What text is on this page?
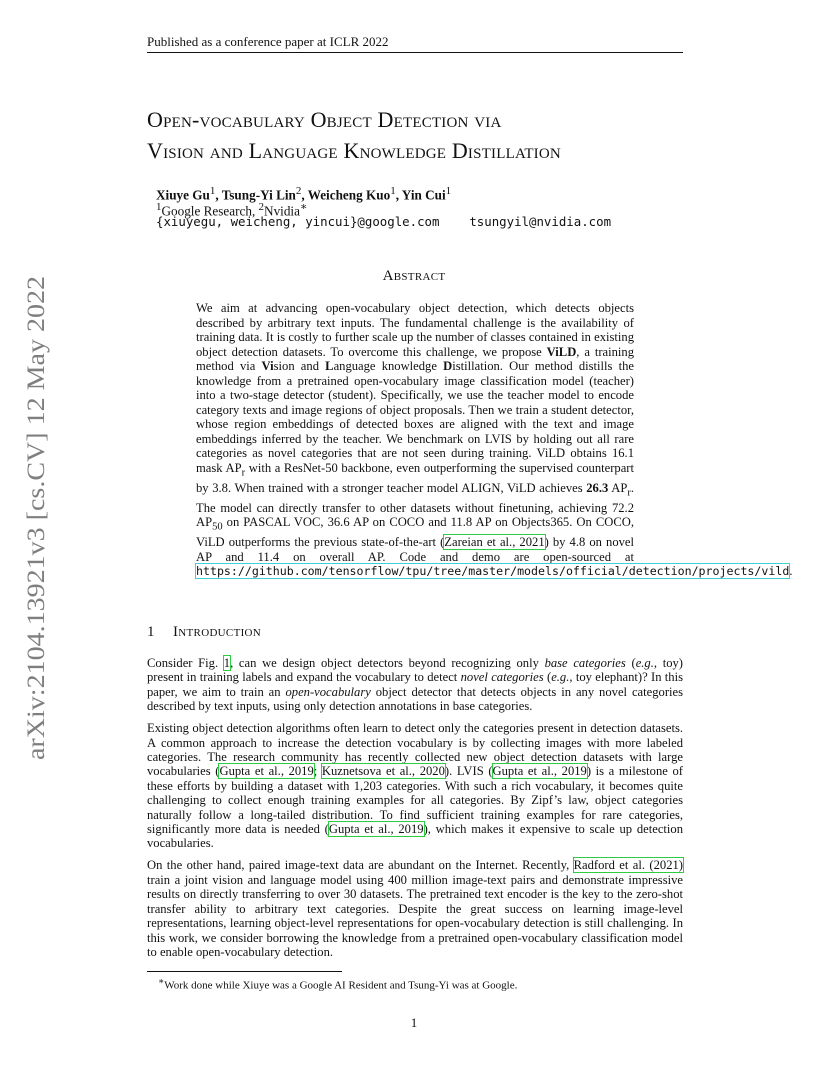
Published as a conference paper at ICLR 2022
Open-vocabulary Object Detection via
Vision and Language Knowledge Distillation
Xiuye Gu$^1$, Tsung-Yi Lin$^2$, Weicheng Kuo$^1$, Yin Cui$^1$
$^1$Google Research, $^2$Nvidia∗
{xiuyegu, weicheng, yincui}@google.com tsungyil@nvidia.com
Abstract

We aim at advancing open-vocabulary object detection, which detects objects described by arbitrary text inputs. The fundamental challenge is the availability of training data. It is costly to further scale up the number of classes contained in existing object detection datasets. To overcome this challenge, we propose ViLD, a training method via Vision and Language knowledge Distillation. Our method distills the knowledge from a pretrained open-vocabulary image classification model (teacher) into a two-stage detector (student). Specifically, we use the teacher model to encode category texts and image regions of object proposals. Then we train a student detector, whose region embeddings of detected boxes are aligned with the text and image embeddings inferred by the teacher. We benchmark on LVIS by holding out all rare categories as novel categories that are not seen during training. ViLD obtains 16.1 mask $AP_r$ with a ResNet-50 backbone, even outperforming the supervised counterpart by 3.8. When trained with a stronger teacher model ALIGN, ViLD achieves 26.3 $AP_r$. The model can directly transfer to other datasets without finetuning, achieving 72.2 $AP_{50}$ on PASCAL VOC, 36.6 AP on COCO and 11.8 AP on Objects365. On COCO, ViLD outperforms the previous state-of-the-art (Zareian et al., 2021) by 4.8 on novel AP and 11.4 on overall AP. Code and demo are open-sourced at https://github.com/tensorflow/tpu/tree/master/models/official/detection/projects/vild.

1 Introduction

Consider Fig. 1, can we design object detectors beyond recognizing only base categories (e.g., toy) present in training labels and expand the vocabulary to detect novel categories (e.g., toy elephant)? In this paper, we aim to train an open-vocabulary object detector that detects objects in any novel categories described by text inputs, using only detection annotations in base categories.

Existing object detection algorithms often learn to detect only the categories present in detection datasets. A common approach to increase the detection vocabulary is by collecting images with more labeled categories. The research community has recently collected new object detection datasets with large vocabularies (Gupta et al., 2019; Kuznetsova et al., 2020). LVIS (Gupta et al., 2019) is a milestone of these efforts by building a dataset with 1,203 categories. With such a rich vocabulary, it becomes quite challenging to collect enough training examples for all categories. By Zipf’s law, object categories naturally follow a long-tailed distribution. To find sufficient training examples for rare categories, significantly more data is needed (Gupta et al., 2019), which makes it expensive to scale up detection vocabularies.

On the other hand, paired image-text data are abundant on the Internet. Recently, Radford et al. (2021) train a joint vision and language model using 400 million image-text pairs and demonstrate impressive results on directly transferring to over 30 datasets. The pretrained text encoder is the key to the zero-shot transfer ability to arbitrary text categories. Despite the great success on learning image-level representations, learning object-level representations for open-vocabulary detection is still challenging. In this work, we consider borrowing the knowledge from a pretrained open-vocabulary classification model to enable open-vocabulary detection.

∗Work done while Xiuye was a Google AI Resident and Tsung-Yi was at Google.
1
arXiv:2104.13921v3 [cs.CV] 12 May 2022
